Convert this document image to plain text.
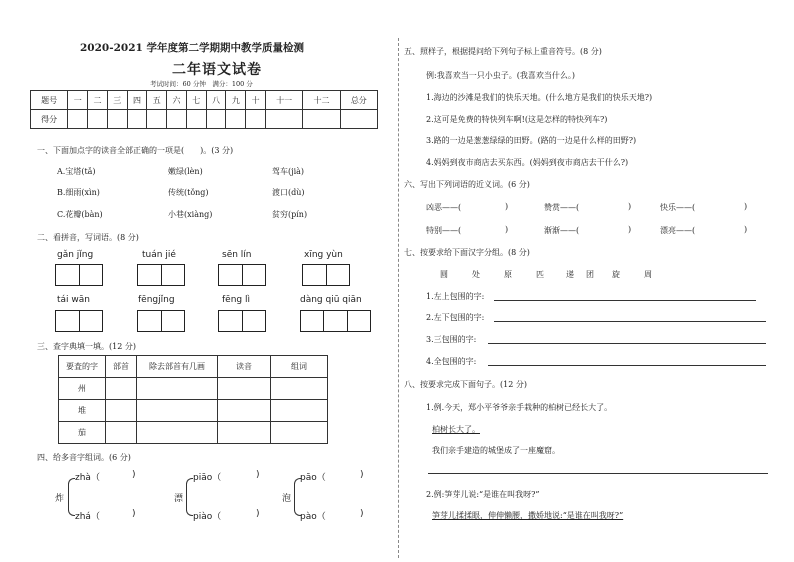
2020-2021 学年度第二学期期中教学质量检测
二年语文试卷
考试时间：60 分钟　满分：100 分
题号	一	二	三	四	五	六	七	八	九	十	十一	十二	总分
得分													
一、下面加点字的读音全部正确的一项是(　　)。(3 分)
A.宝塔(tǎ)	嫩绿(lèn)	驾车(jià)
B.细雨(xìn)	传统(tǒng)	渡口(dù)
C.花瓣(bàn)	小巷(xiàng)	贫穷(pín)
二、看拼音，写词语。(8 分)
gǎn jǐng	tuán jié	sēn lín	xīng yùn
tái wān	fēngjǐng	fēng lì	dàng qiū qiān
三、查字典填一填。(12 分)
要査的字	部首	除去部首有几画	读音	组词
州				
堆				
茄				
四、给多音字组词。(6 分)
炸
zhà（	)
zhá（	)
漂
piāo（	)
piào（	)
泡
pāo（	)
pào（	)
五、照样子，根据提问给下列句子标上重音符号。(8 分)
例:我喜欢当一只小虫子。(我喜欢当什么。)
1.海边的沙滩是我们的快乐天地。(什么地方是我们的快乐天地?)
2.这可是免费的特快列车啊!(这是怎样的特快列车?)
3.路的一边是葱葱绿绿的田野。(路的一边是什么样的田野?)
4.妈妈到夜市商店去买东西。(妈妈到夜市商店去干什么?)
六、写出下列词语的近义词。(6 分)
凶恶——(	)	赞赏——(	)	快乐——(	)
特别——(	)	渐渐——(	)	漂亮——(	)
七、按要求给下面汉字分组。(8 分)
圆	处	原	匹	递 团 旋	周
1.左上包围的字:
2.左下包围的字:
3.三包围的字:
4.全包围的字:
八、按要求完成下面句子。(12 分)
1.例.今天，郑小平爷爷亲手栽种的柏树已经长大了。
柏树长大了。
我们亲手建造的城堡成了一座魔窟。
2.例:笋芽儿说:“是谁在叫我呀?”
笋芽儿揉揉眼，伸伸懒腰，撒娇地说:“是谁在叫我呀?”
